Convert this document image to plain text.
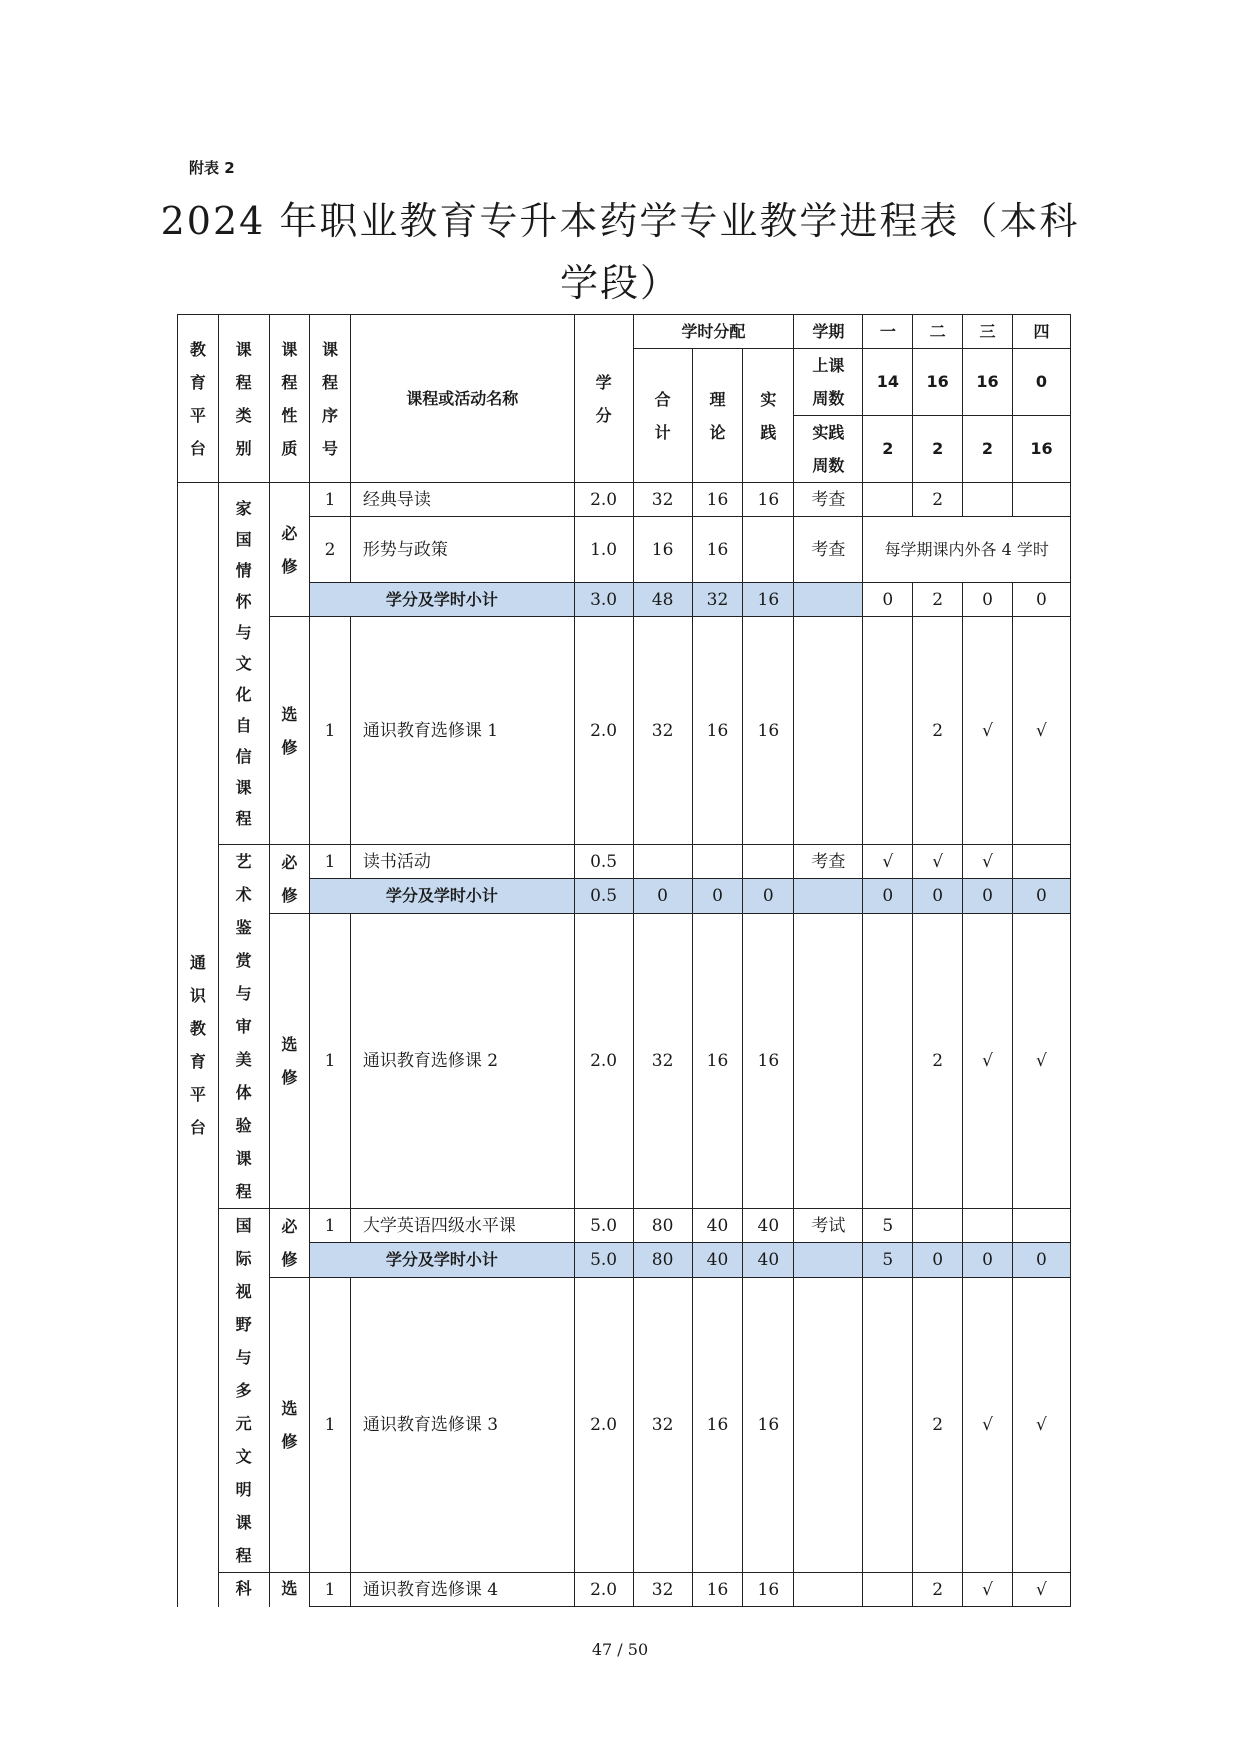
附表 2
2024 年职业教育专升本药学专业教学进程表（本科学段）
教育平台	课程类别	课程性质	课程序号	课程或活动名称	学分	学时分配			学期	一	二	三	四
						合计	理论	实践	上课周数	14	16	16	0
									实践周数	2	2	2	16
通识教育平台	家国情怀与文化自信课程	必修	1	经典导读	2.0	32	16	16	考查		2		
			2	形势与政策	1.0	16	16		考查	每学期课内外各 4 学时			
			学分及学时小计		3.0	48	32	16		0	2	0	0
		选修	1	通识教育选修课 1	2.0	32	16	16			2	√	√
	艺术鉴赏与审美体验课程	必修	1	读书活动	0.5				考查	√	√	√	
			学分及学时小计		0.5	0	0	0		0	0	0	0
		选修	1	通识教育选修课 2	2.0	32	16	16			2	√	√
	国际视野与多元文明课程	必修	1	大学英语四级水平课	5.0	80	40	40	考试	5			
			学分及学时小计		5.0	80	40	40		5	0	0	0
		选修	1	通识教育选修课 3	2.0	32	16	16			2	√	√
	科	选	1	通识教育选修课 4	2.0	32	16	16			2	√	√
47 / 50
